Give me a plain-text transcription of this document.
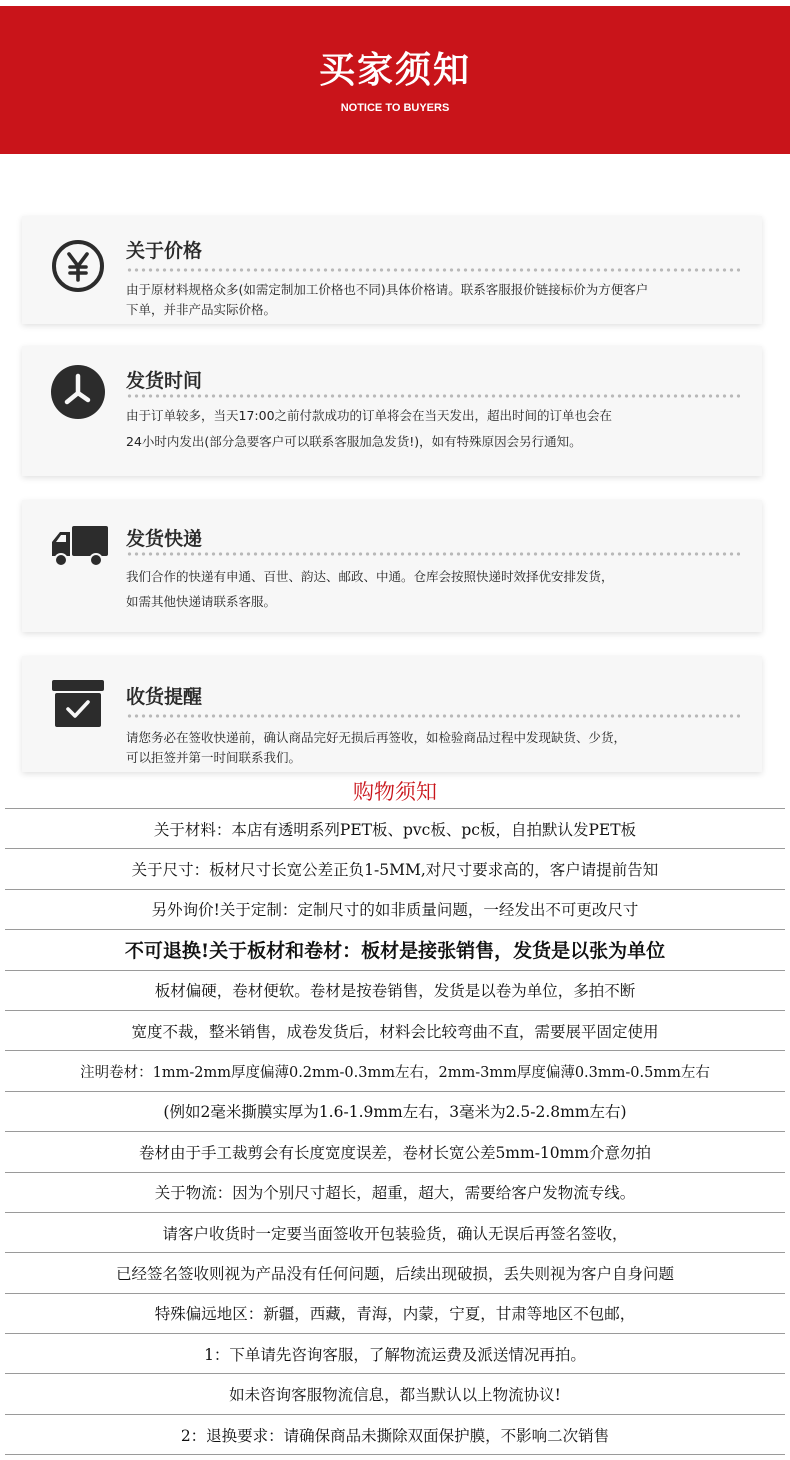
买家须知
NOTICE TO BUYERS
关于价格
由于原材料规格众多(如需定制加工价格也不同)具体价格请。联系客服报价链接标价为方便客户
下单，并非产品实际价格。
发货时间
由于订单较多，当天17:00之前付款成功的订单将会在当天发出，超出时间的订单也会在
24小时内发出(部分急要客户可以联系客服加急发货!)，如有特殊原因会另行通知。
发货快递
我们合作的快递有申通、百世、韵达、邮政、中通。仓库会按照快递时效择优安排发货，
如需其他快递请联系客服。
收货提醒
请您务必在签收快递前，确认商品完好无损后再签收，如检验商品过程中发现缺货、少货，
可以拒签并第一时间联系我们。
购物须知
关于材料：本店有透明系列PET板、pvc板、pc板，自拍默认发PET板
关于尺寸：板材尺寸长宽公差正负1-5MM,对尺寸要求高的，客户请提前告知
另外询价!关于定制：定制尺寸的如非质量问题，一经发出不可更改尺寸
不可退换!关于板材和卷材：板材是接张销售，发货是以张为单位
板材偏硬，卷材便软。卷材是按卷销售，发货是以卷为单位，多拍不断
宽度不裁，整米销售，成卷发货后，材料会比较弯曲不直，需要展平固定使用
注明卷材：1mm-2mm厚度偏薄0.2mm-0.3mm左右，2mm-3mm厚度偏薄0.3mm-0.5mm左右
(例如2毫米撕膜实厚为1.6-1.9mm左右，3毫米为2.5-2.8mm左右)
卷材由于手工裁剪会有长度宽度误差，卷材长宽公差5mm-10mm介意勿拍
关于物流：因为个别尺寸超长，超重，超大，需要给客户发物流专线。
请客户收货时一定要当面签收开包装验货，确认无误后再签名签收，
已经签名签收则视为产品没有任何问题，后续出现破损，丢失则视为客户自身问题
特殊偏远地区：新疆，西藏，青海，内蒙，宁夏，甘肃等地区不包邮，
1：下单请先咨询客服，了解物流运费及派送情况再拍。
如未咨询客服物流信息，都当默认以上物流协议!
2：退换要求：请确保商品未撕除双面保护膜，不影响二次销售
